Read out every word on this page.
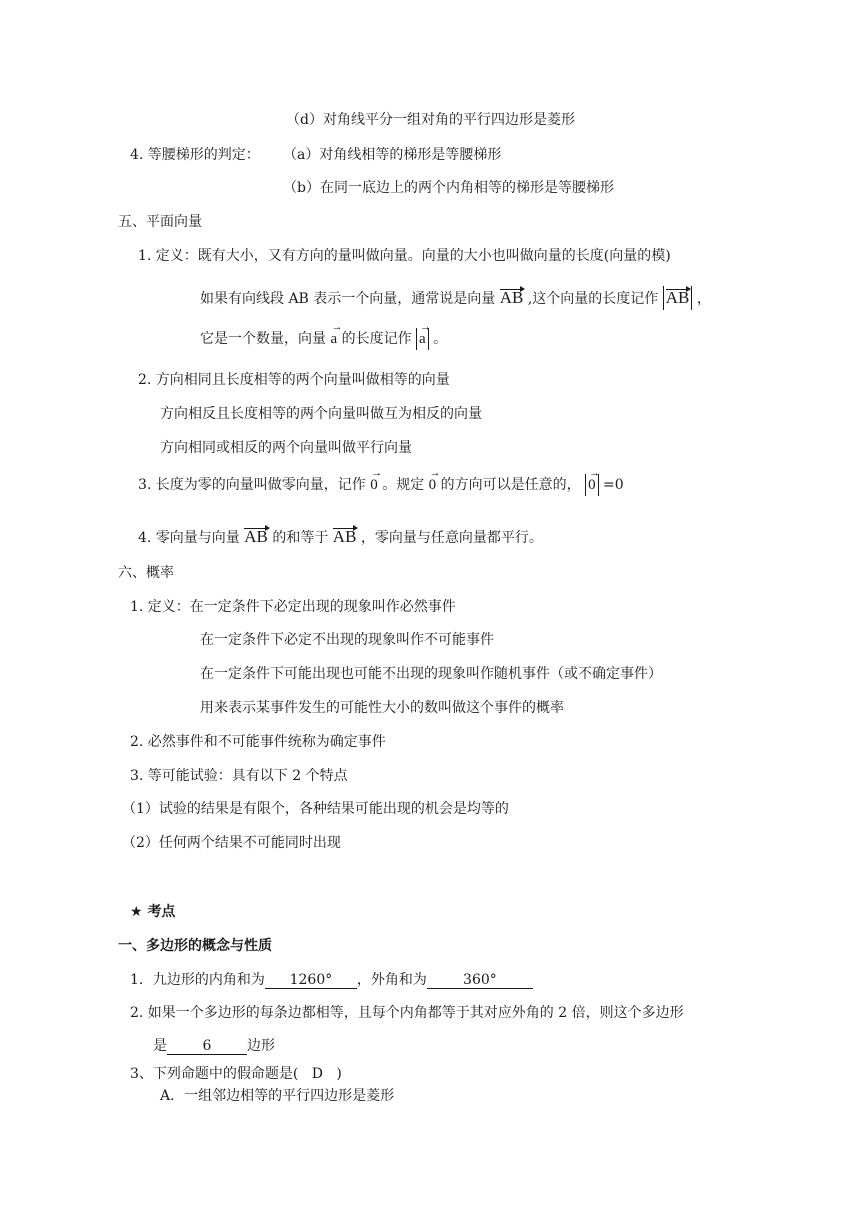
（d）对角线平分一组对角的平行四边形是菱形
4. 等腰梯形的判定： （a）对角线相等的梯形是等腰梯形
（b）在同一底边上的两个内角相等的梯形是等腰梯形
五、平面向量
1. 定义：既有大小，又有方向的量叫做向量。向量的大小也叫做向量的长度(向量的模)
如果有向线段 AB 表示一个向量，通常说是向量 AB ,这个向量的长度记作 AB ，
它是一个数量，向量 → a 的长度记作 → a 。
2. 方向相同且长度相等的两个向量叫做相等的向量
方向相反且长度相等的两个向量叫做互为相反的向量
方向相同或相反的两个向量叫做平行向量
3. 长度为零的向量叫做零向量，记作 → 0 。规定 → 0 的方向可以是任意的， → 0 =0
4. 零向量与向量 AB 的和等于 AB ，零向量与任意向量都平行。
六、概率
1. 定义：在一定条件下必定出现的现象叫作必然事件
在一定条件下必定不出现的现象叫作不可能事件
在一定条件下可能出现也可能不出现的现象叫作随机事件（或不确定事件）
用来表示某事件发生的可能性大小的数叫做这个事件的概率
2. 必然事件和不可能事件统称为确定事件
3. 等可能试验：具有以下 2 个特点
（1）试验的结果是有限个，各种结果可能出现的机会是均等的
（2）任何两个结果不可能同时出现
★ 考点
一、多边形的概念与性质
1．九边形的内角和为 1260° ，外角和为	360°
2. 如果一个多边形的每条边都相等，且每个内角都等于其对应外角的 2 倍，则这个多边形
是	6	边形
3、下列命题中的假命题是( D )
A．一组邻边相等的平行四边形是菱形
